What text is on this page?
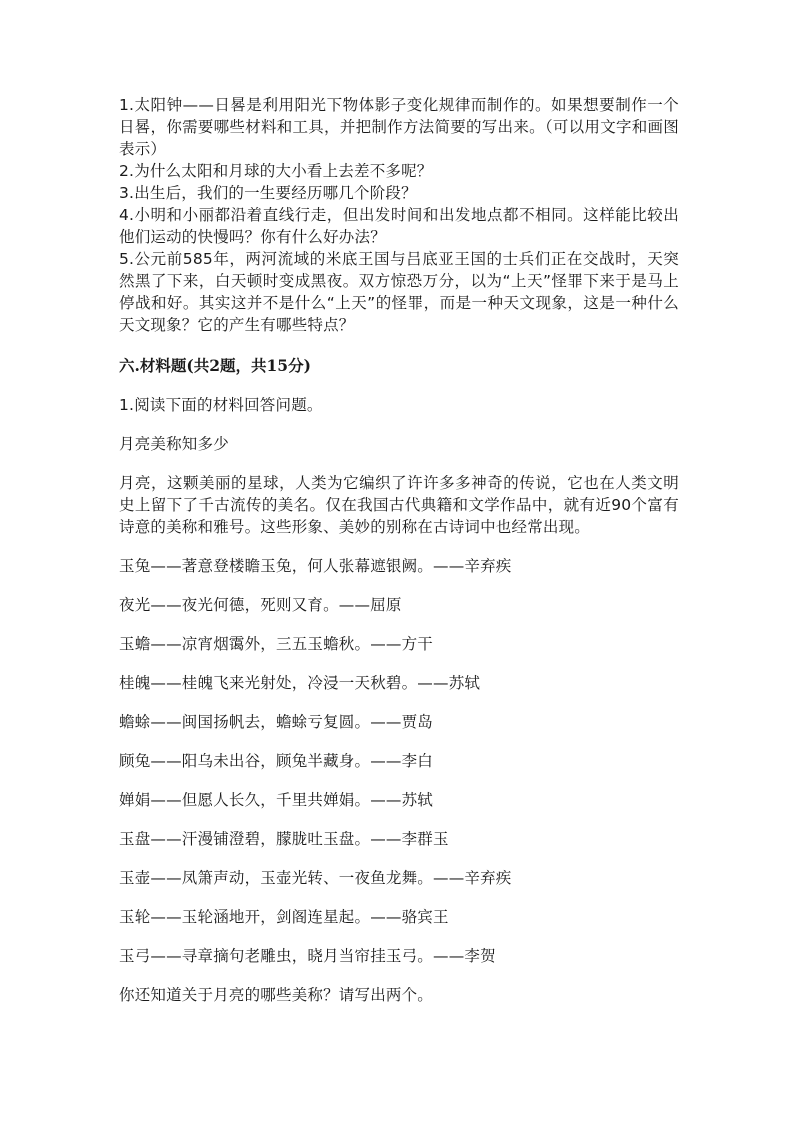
1.太阳钟——日晷是利用阳光下物体影子变化规律而制作的。如果想要制作一个日晷，你需要哪些材料和工具，并把制作方法简要的写出来。（可以用文字和画图表示）
2.为什么太阳和月球的大小看上去差不多呢？
3.出生后，我们的一生要经历哪几个阶段？
4.小明和小丽都沿着直线行走，但出发时间和出发地点都不相同。这样能比较出他们运动的快慢吗？你有什么好办法？
5.公元前585年，两河流域的米底王国与吕底亚王国的士兵们正在交战时，天突然黑了下来，白天顿时变成黑夜。双方惊恐万分，以为“上天”怪罪下来于是马上停战和好。其实这并不是什么“上天”的怪罪，而是一种天文现象，这是一种什么天文现象？它的产生有哪些特点？
六.材料题(共2题，共15分)
1.阅读下面的材料回答问题。
月亮美称知多少
月亮，这颗美丽的星球，人类为它编织了许许多多神奇的传说，它也在人类文明史上留下了千古流传的美名。仅在我国古代典籍和文学作品中，就有近90个富有诗意的美称和雅号。这些形象、美妙的别称在古诗词中也经常出现。
玉兔——著意登楼瞻玉兔，何人张幕遮银阙。——辛弃疾
夜光——夜光何德，死则又育。——屈原
玉蟾——凉宵烟霭外，三五玉蟾秋。——方干
桂魄——桂魄飞来光射处，冷浸一天秋碧。——苏轼
蟾蜍——闽国扬帆去，蟾蜍亏复圆。——贾岛
顾兔——阳乌未出谷，顾兔半藏身。——李白
婵娟——但愿人长久，千里共婵娟。——苏轼
玉盘——汗漫铺澄碧，朦胧吐玉盘。——李群玉
玉壶——凤箫声动，玉壶光转、一夜鱼龙舞。——辛弃疾
玉轮——玉轮涵地开，剑阁连星起。——骆宾王
玉弓——寻章摘句老雕虫，晓月当帘挂玉弓。——李贺
你还知道关于月亮的哪些美称？请写出两个。
